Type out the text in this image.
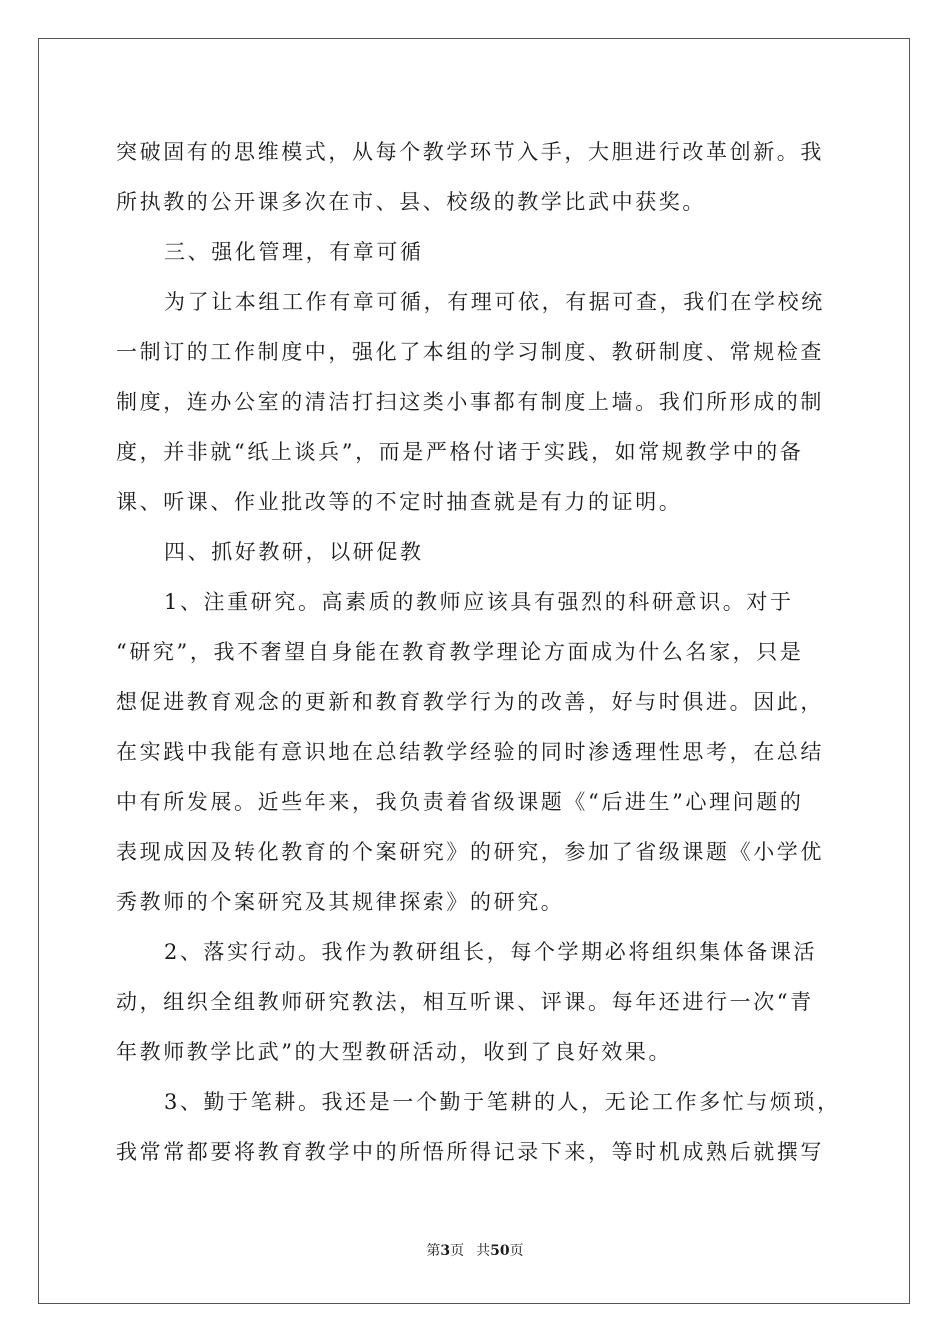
突破固有的思维模式，从每个教学环节入手，大胆进行改革创新。我
所执教的公开课多次在市、县、校级的教学比武中获奖。
三、强化管理，有章可循
为了让本组工作有章可循，有理可依，有据可查，我们在学校统
一制订的工作制度中，强化了本组的学习制度、教研制度、常规检查
制度，连办公室的清洁打扫这类小事都有制度上墙。我们所形成的制
度，并非就“纸上谈兵”，而是严格付诸于实践，如常规教学中的备
课、听课、作业批改等的不定时抽查就是有力的证明。
四、抓好教研，以研促教
1、注重研究。高素质的教师应该具有强烈的科研意识。对于
“研究”，我不奢望自身能在教育教学理论方面成为什么名家，只是
想促进教育观念的更新和教育教学行为的改善，好与时俱进。因此，
在实践中我能有意识地在总结教学经验的同时渗透理性思考，在总结
中有所发展。近些年来，我负责着省级课题《“后进生”心理问题的
表现成因及转化教育的个案研究》的研究，参加了省级课题《小学优
秀教师的个案研究及其规律探索》的研究。
2、落实行动。我作为教研组长，每个学期必将组织集体备课活
动，组织全组教师研究教法，相互听课、评课。每年还进行一次“青
年教师教学比武”的大型教研活动，收到了良好效果。
3、勤于笔耕。我还是一个勤于笔耕的人，无论工作多忙与烦琐，
我常常都要将教育教学中的所悟所得记录下来，等时机成熟后就撰写
第3页 共50页
